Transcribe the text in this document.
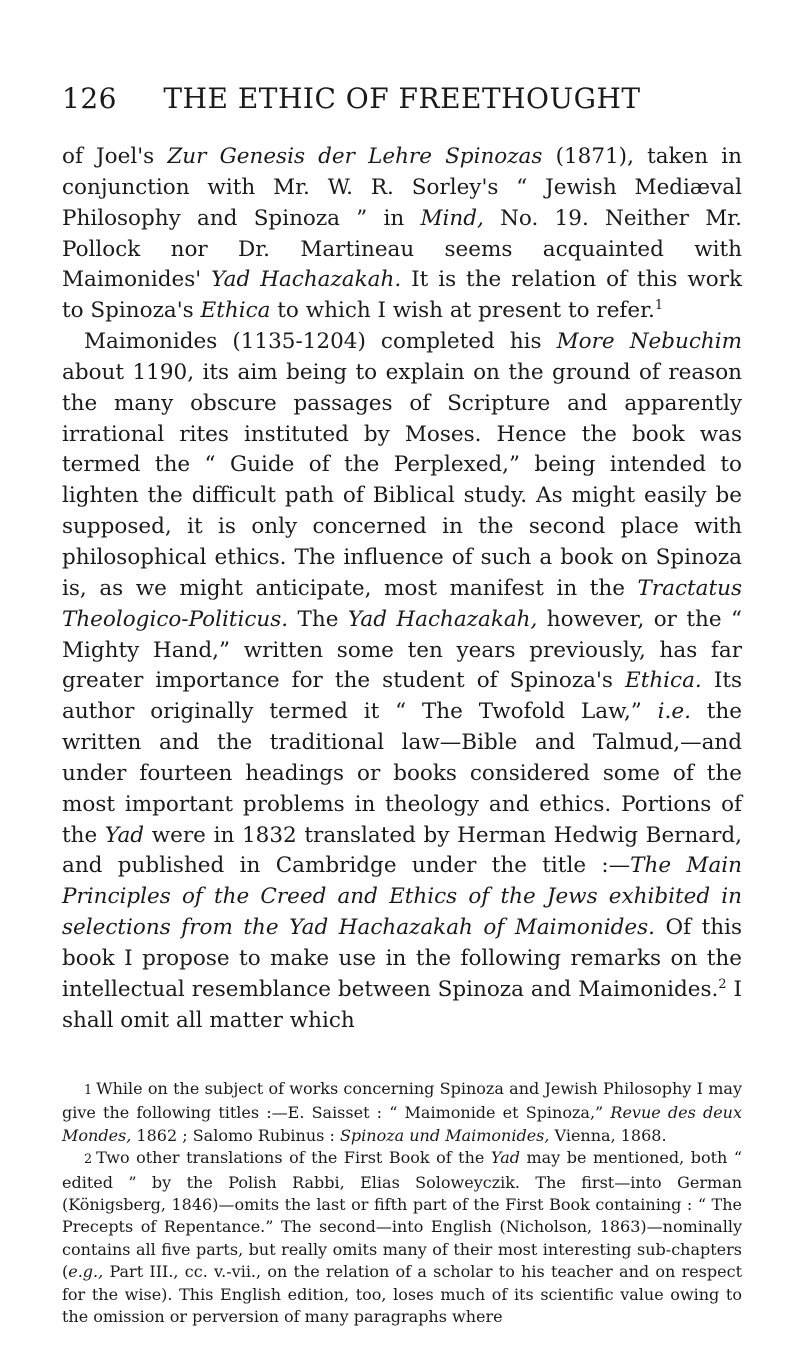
126	THE ETHIC OF FREETHOUGHT

of Joel's Zur Genesis der Lehre Spinozas (1871), taken in conjunction with Mr. W. R. Sorley's “ Jewish Mediæval Philosophy and Spinoza ” in Mind, No. 19. Neither Mr. Pollock nor Dr. Martineau seems acquainted with Maimonides' Yad Hachazakah. It is the relation of this work to Spinoza's Ethica to which I wish at present to refer.$^1$

Maimonides (1135-1204) completed his More Nebuchim about 1190, its aim being to explain on the ground of reason the many obscure passages of Scripture and apparently irrational rites instituted by Moses. Hence the book was termed the “ Guide of the Perplexed,” being intended to lighten the difficult path of Biblical study. As might easily be supposed, it is only concerned in the second place with philosophical ethics. The influence of such a book on Spinoza is, as we might anticipate, most manifest in the Tractatus Theologico-Politicus. The Yad Hachazakah, however, or the “ Mighty Hand,” written some ten years previously, has far greater importance for the student of Spinoza's Ethica. Its author originally termed it “ The Twofold Law,” i.e. the written and the traditional law—Bible and Talmud,—and under fourteen headings or books considered some of the most important problems in theology and ethics. Portions of the Yad were in 1832 translated by Herman Hedwig Bernard, and published in Cambridge under the title :—The Main Principles of the Creed and Ethics of the Jews exhibited in selections from the Yad Hachazakah of Maimonides. Of this book I propose to make use in the following remarks on the intellectual resemblance between Spinoza and Maimonides.$^2$ I shall omit all matter which

1 While on the subject of works concerning Spinoza and Jewish Philosophy I may give the following titles :—E. Saisset : “ Maimonide et Spinoza,” Revue des deux Mondes, 1862 ; Salomo Rubinus : Spinoza und Maimonides, Vienna, 1868.

2 Two other translations of the First Book of the Yad may be mentioned, both “ edited ” by the Polish Rabbi, Elias Soloweyczik. The first—into German (Königsberg, 1846)—omits the last or fifth part of the First Book containing : “ The Precepts of Repentance.” The second—into English (Nicholson, 1863)—nominally contains all five parts, but really omits many of their most interesting sub-chapters (e.g., Part III., cc. v.-vii., on the relation of a scholar to his teacher and on respect for the wise). This English edition, too, loses much of its scientific value owing to the omission or perversion of many paragraphs where
